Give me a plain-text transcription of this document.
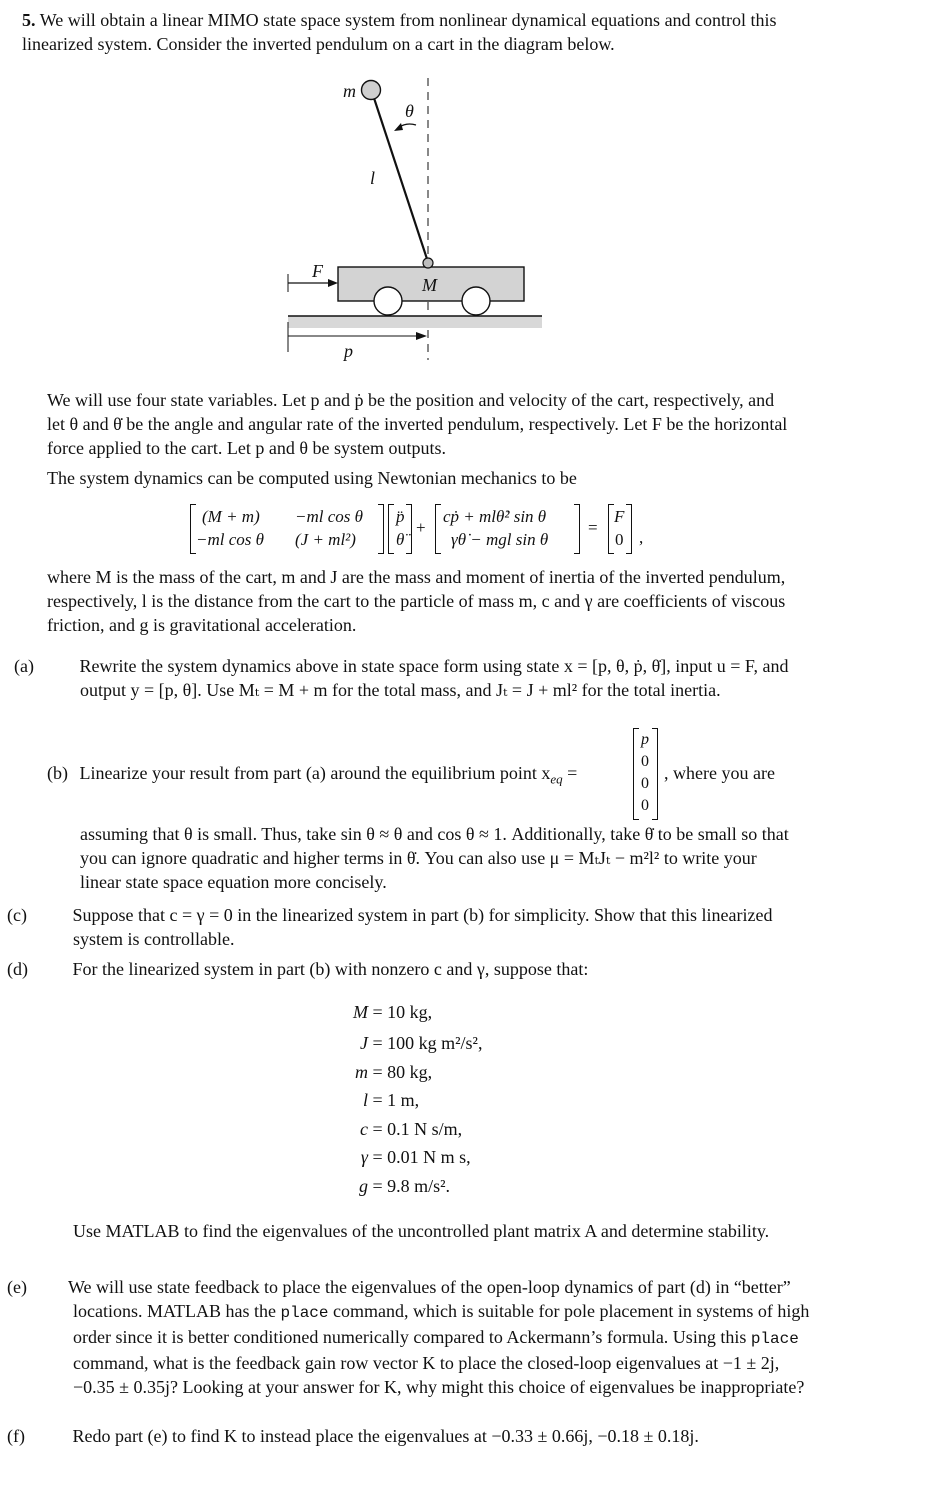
5. We will obtain a linear MIMO state space system from nonlinear dynamical equations and control this linearized system. Consider the inverted pendulum on a cart in the diagram below.

m
θ
l
F
M
p

We will use four state variables. Let p and ṗ be the position and velocity of the cart, respectively, and let θ and θ̇ be the angle and angular rate of the inverted pendulum, respectively. Let F be the horizontal force applied to the cart. Let p and θ be system outputs.

The system dynamics can be computed using Newtonian mechanics to be

(M + m) −ml cos θ
−ml cos θ (J + ml²)
p̈
θ̈
+
cṗ + mlθ̇² sin θ
γθ̇ − mgl sin θ
=
F
0 ,

where M is the mass of the cart, m and J are the mass and moment of inertia of the inverted pendulum, respectively, l is the distance from the cart to the particle of mass m, c and γ are coefficients of viscous friction, and g is gravitational acceleration.

(a)	Rewrite the system dynamics above in state space form using state x = [p, θ, ṗ, θ̇], input u = F, and output y = [p, θ]. Use Mₜ = M + m for the total mass, and Jₜ = J + ml² for the total inertia.

(b) Linearize your result from part (a) around the equilibrium point $x_{eq}$ =

p
0
0
0

, where you are

assuming that θ is small. Thus, take sin θ ≈ θ and cos θ ≈ 1. Additionally, take θ̇ to be small so that you can ignore quadratic and higher terms in θ̇. You can also use μ = MₜJₜ − m²l² to write your linear state space equation more concisely.

(c)	Suppose that c = γ = 0 in the linearized system in part (b) for simplicity. Show that this linearized system is controllable.

(d) For the linearized system in part (b) with nonzero c and γ, suppose that:

M = 10 kg,
J = 100 kg m²/s²,
m = 80 kg,
l = 1 m,
c = 0.1 N s/m,
γ = 0.01 N m s,
g = 9.8 m/s².

Use MATLAB to find the eigenvalues of the uncontrolled plant matrix A and determine stability.

(e) We will use state feedback to place the eigenvalues of the open-loop dynamics of part (d) in “better” locations. MATLAB has the place command, which is suitable for pole placement in systems of high order since it is better conditioned numerically compared to Ackermann’s formula. Using this place command, what is the feedback gain row vector K to place the closed-loop eigenvalues at −1 ± 2j, −0.35 ± 0.35j? Looking at your answer for K, why might this choice of eigenvalues be inappropriate?

(f)	Redo part (e) to find K to instead place the eigenvalues at −0.33 ± 0.66j, −0.18 ± 0.18j.
